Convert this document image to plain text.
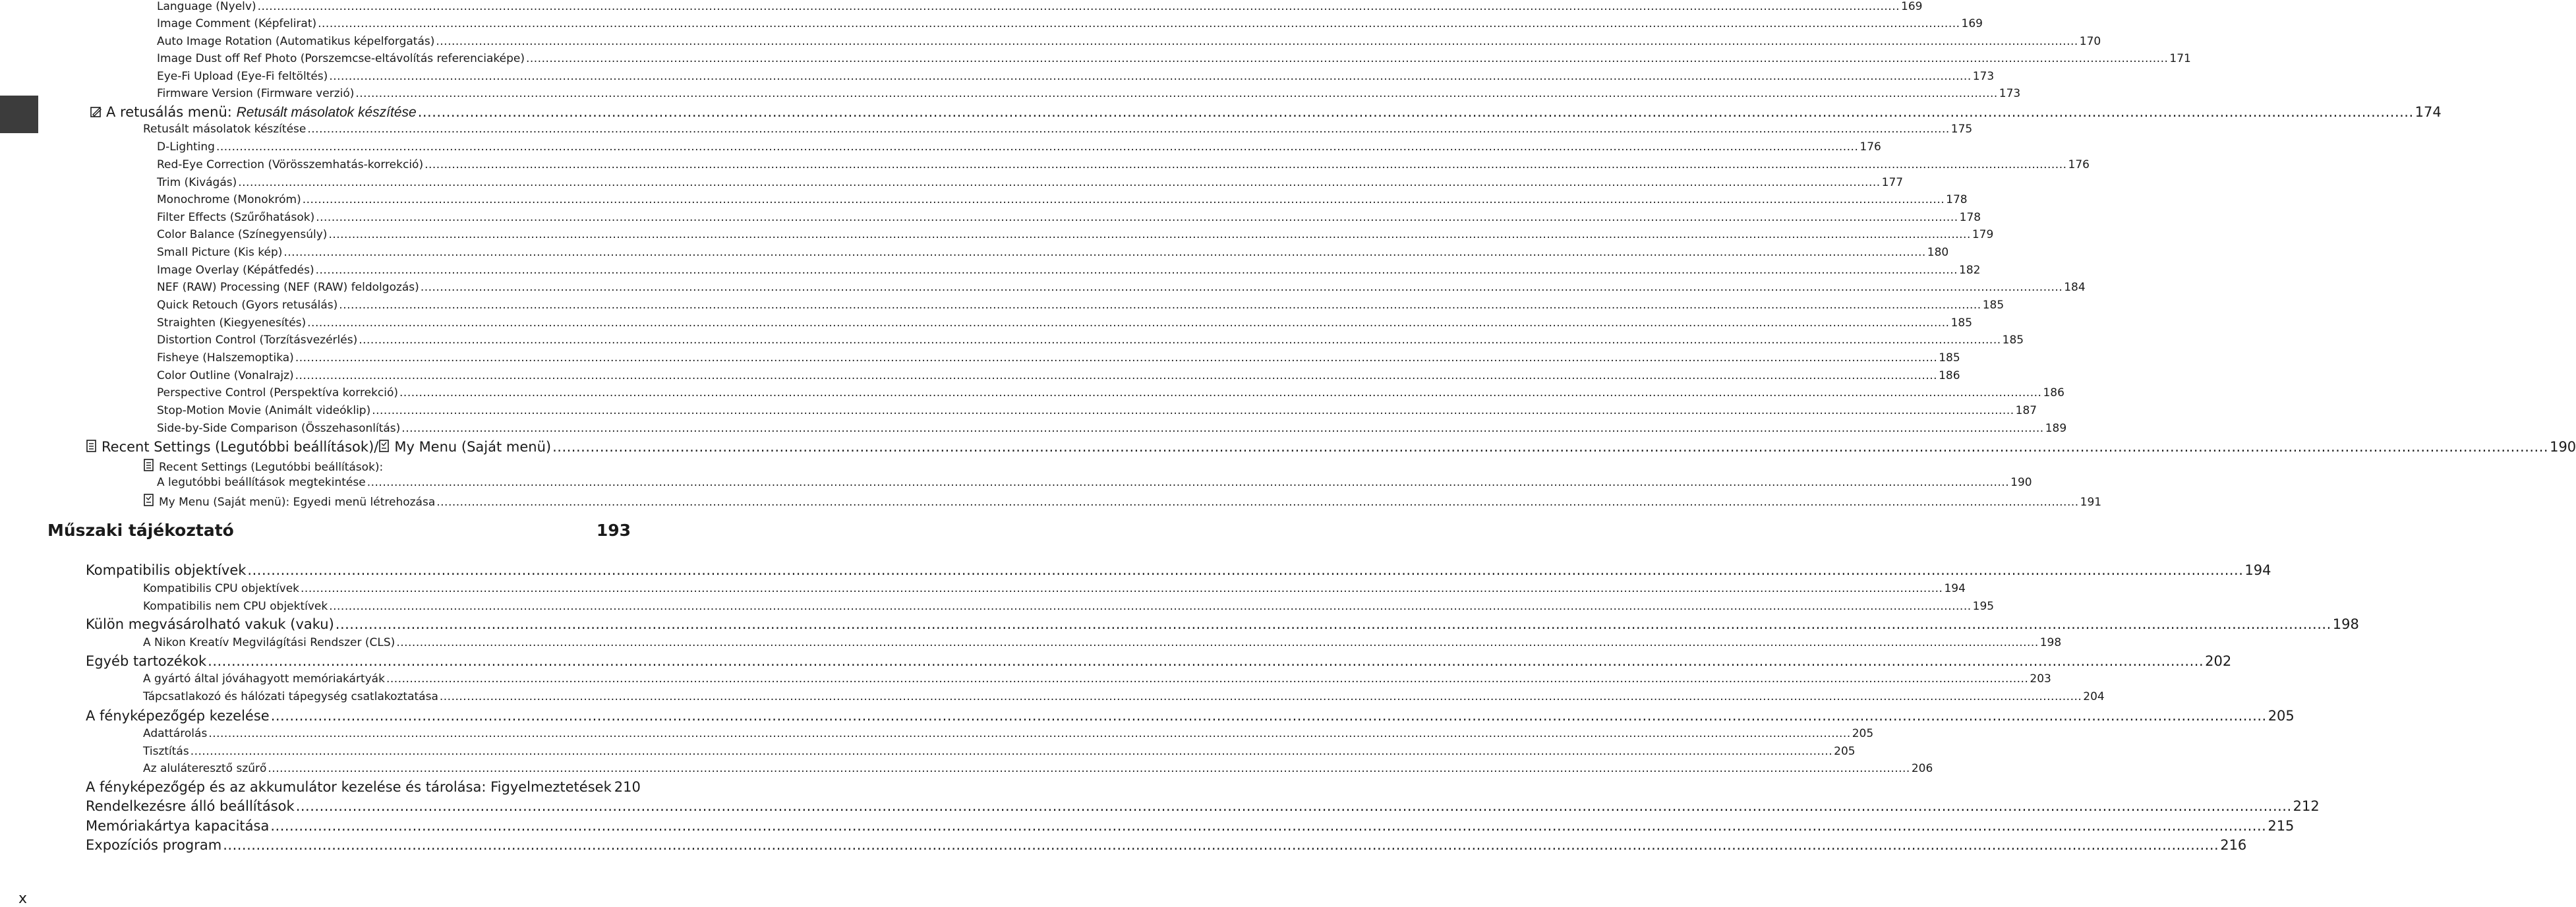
Language (Nyelv) .....	169
Image Comment (Képfelirat) .....	169
Auto Image Rotation (Automatikus képelforgatás) .....	170
Image Dust off Ref Photo (Porszemcse-eltávolítás referenciaképe) .....	171
Eye-Fi Upload (Eye-Fi feltöltés) .....	173
Firmware Version (Firmware verzió) .....	173
A retusálás menü: Retusált másolatok készítése .....	174
Retusált másolatok készítése .....	175
D-Lighting .....	176
Red-Eye Correction (Vörösszemhatás-korrekció) .....	176
Trim (Kivágás) .....	177
Monochrome (Monokróm) .....	178
Filter Effects (Szűrőhatások) .....	178
Color Balance (Színegyensúly) .....	179
Small Picture (Kis kép) .....	180
Image Overlay (Képátfedés) .....	182
NEF (RAW) Processing (NEF (RAW) feldolgozás) .....	184
Quick Retouch (Gyors retusálás) .....	185
Straighten (Kiegyenesítés) .....	185
Distortion Control (Torzításvezérlés) .....	185
Fisheye (Halszemoptika) .....	185
Color Outline (Vonalrajz) .....	186
Perspective Control (Perspektíva korrekció) .....	186
Stop-Motion Movie (Animált videóklip) .....	187
Side-by-Side Comparison (Összehasonlítás) .....	189
Recent Settings (Legutóbbi beállítások)/ My Menu (Saját menü) .....	190
Recent Settings (Legutóbbi beállítások):
A legutóbbi beállítások megtekintése .....	190
My Menu (Saját menü): Egyedi menü létrehozása .....	191
Kompatibilis objektívek .....	194
Kompatibilis CPU objektívek .....	194
Kompatibilis nem CPU objektívek .....	195
Külön megvásárolható vakuk (vaku) .....	198
A Nikon Kreatív Megvilágítási Rendszer (CLS) .....	198
Egyéb tartozékok .....	202
A gyártó által jóváhagyott memóriakártyák .....	203
Tápcsatlakozó és hálózati tápegység csatlakoztatása .....	204
A fényképezőgép kezelése .....	205
Adattárolás .....	205
Tisztítás .....	205
Az aluláteresztő szűrő .....	206
A fényképezőgép és az akkumulátor kezelése és tárolása: Figyelmeztetések 210
Rendelkezésre álló beállítások .....	212
Memóriakártya kapacitása .....	215
Expozíciós program .....	216
Műszaki tájékoztató	193
x
